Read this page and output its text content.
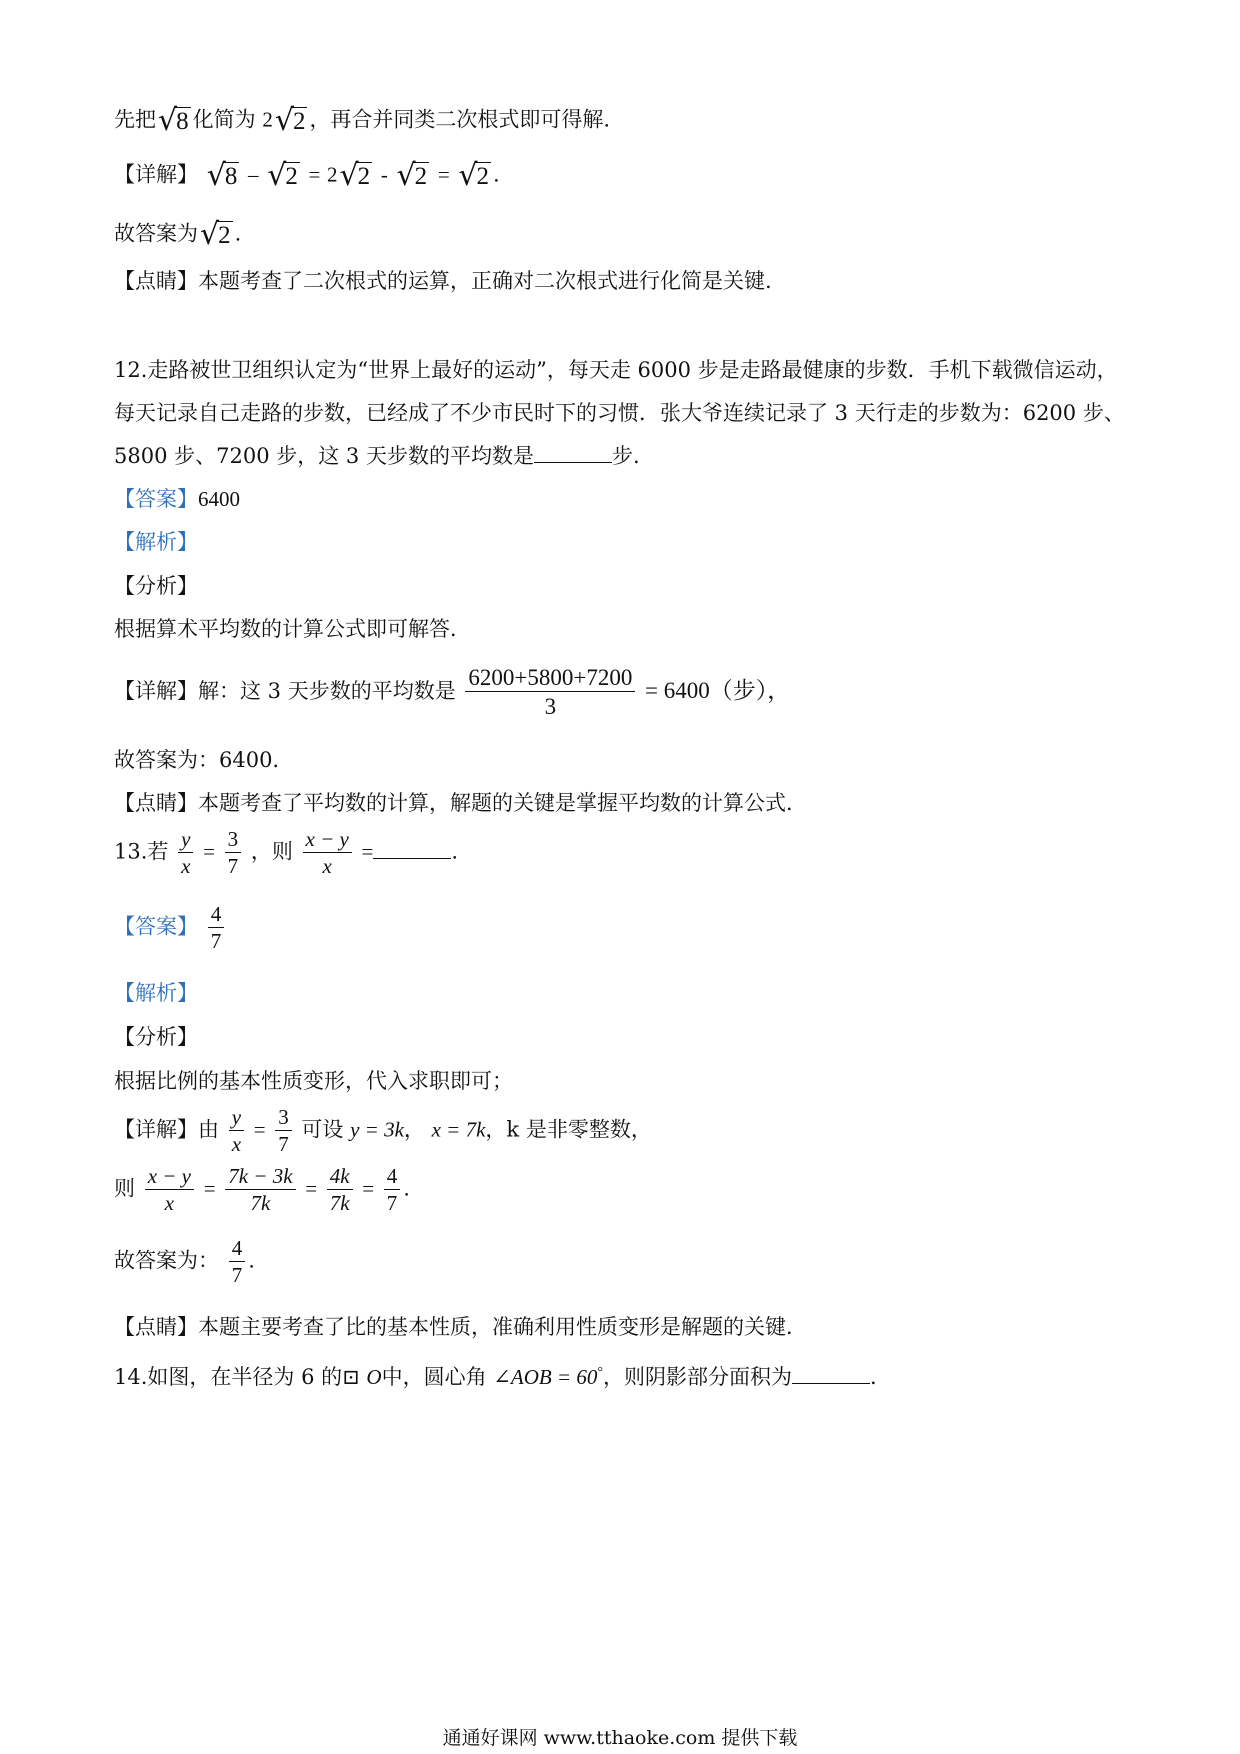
先把√8 化简为 2√2 ，再合并同类二次根式即可得解.
【详解】 √8 – √2 = 2√2 - √2 = √2 .
故答案为√2 .
【点睛】本题考查了二次根式的运算，正确对二次根式进行化简是关键.
12.走路被世卫组织认定为“世界上最好的运动”，每天走 6000 步是走路最健康的步数．手机下载微信运动，
每天记录自己走路的步数，已经成了不少市民时下的习惯．张大爷连续记录了 3 天行走的步数为：6200 步、
5800 步、7200 步，这 3 天步数的平均数是	步.
【答案】6400
【解析】
【分析】
根据算术平均数的计算公式即可解答．
【详解】解：这 3 天步数的平均数是 $\frac{6200+5800+7200}{3} = 6400$（步），
故答案为：6400．
【点睛】本题考查了平均数的计算，解题的关键是掌握平均数的计算公式．
13.若 $\frac{y}{x} = \frac{3}{7}$ ，则 $\frac{x - y}{x}$ =	.
【答案】 $\frac{4}{7}$
【解析】
【分析】
根据比例的基本性质变形，代入求职即可；
【详解】由 $\frac{y}{x} = \frac{3}{7}$ 可设 y = 3k， x = 7k，k 是非零整数，
则 $\frac{x - y}{x} = \frac{7k - 3k}{7k} = \frac{4k}{7k} = \frac{4}{7}$ .
故答案为： $\frac{4}{7}$ .
【点睛】本题主要考查了比的基本性质，准确利用性质变形是解题的关键．
14.如图，在半径为 6 的⊡ O中，圆心角 ∠AOB = 60°，则阴影部分面积为	.
通通好课网 www.tthaoke.com 提供下载
